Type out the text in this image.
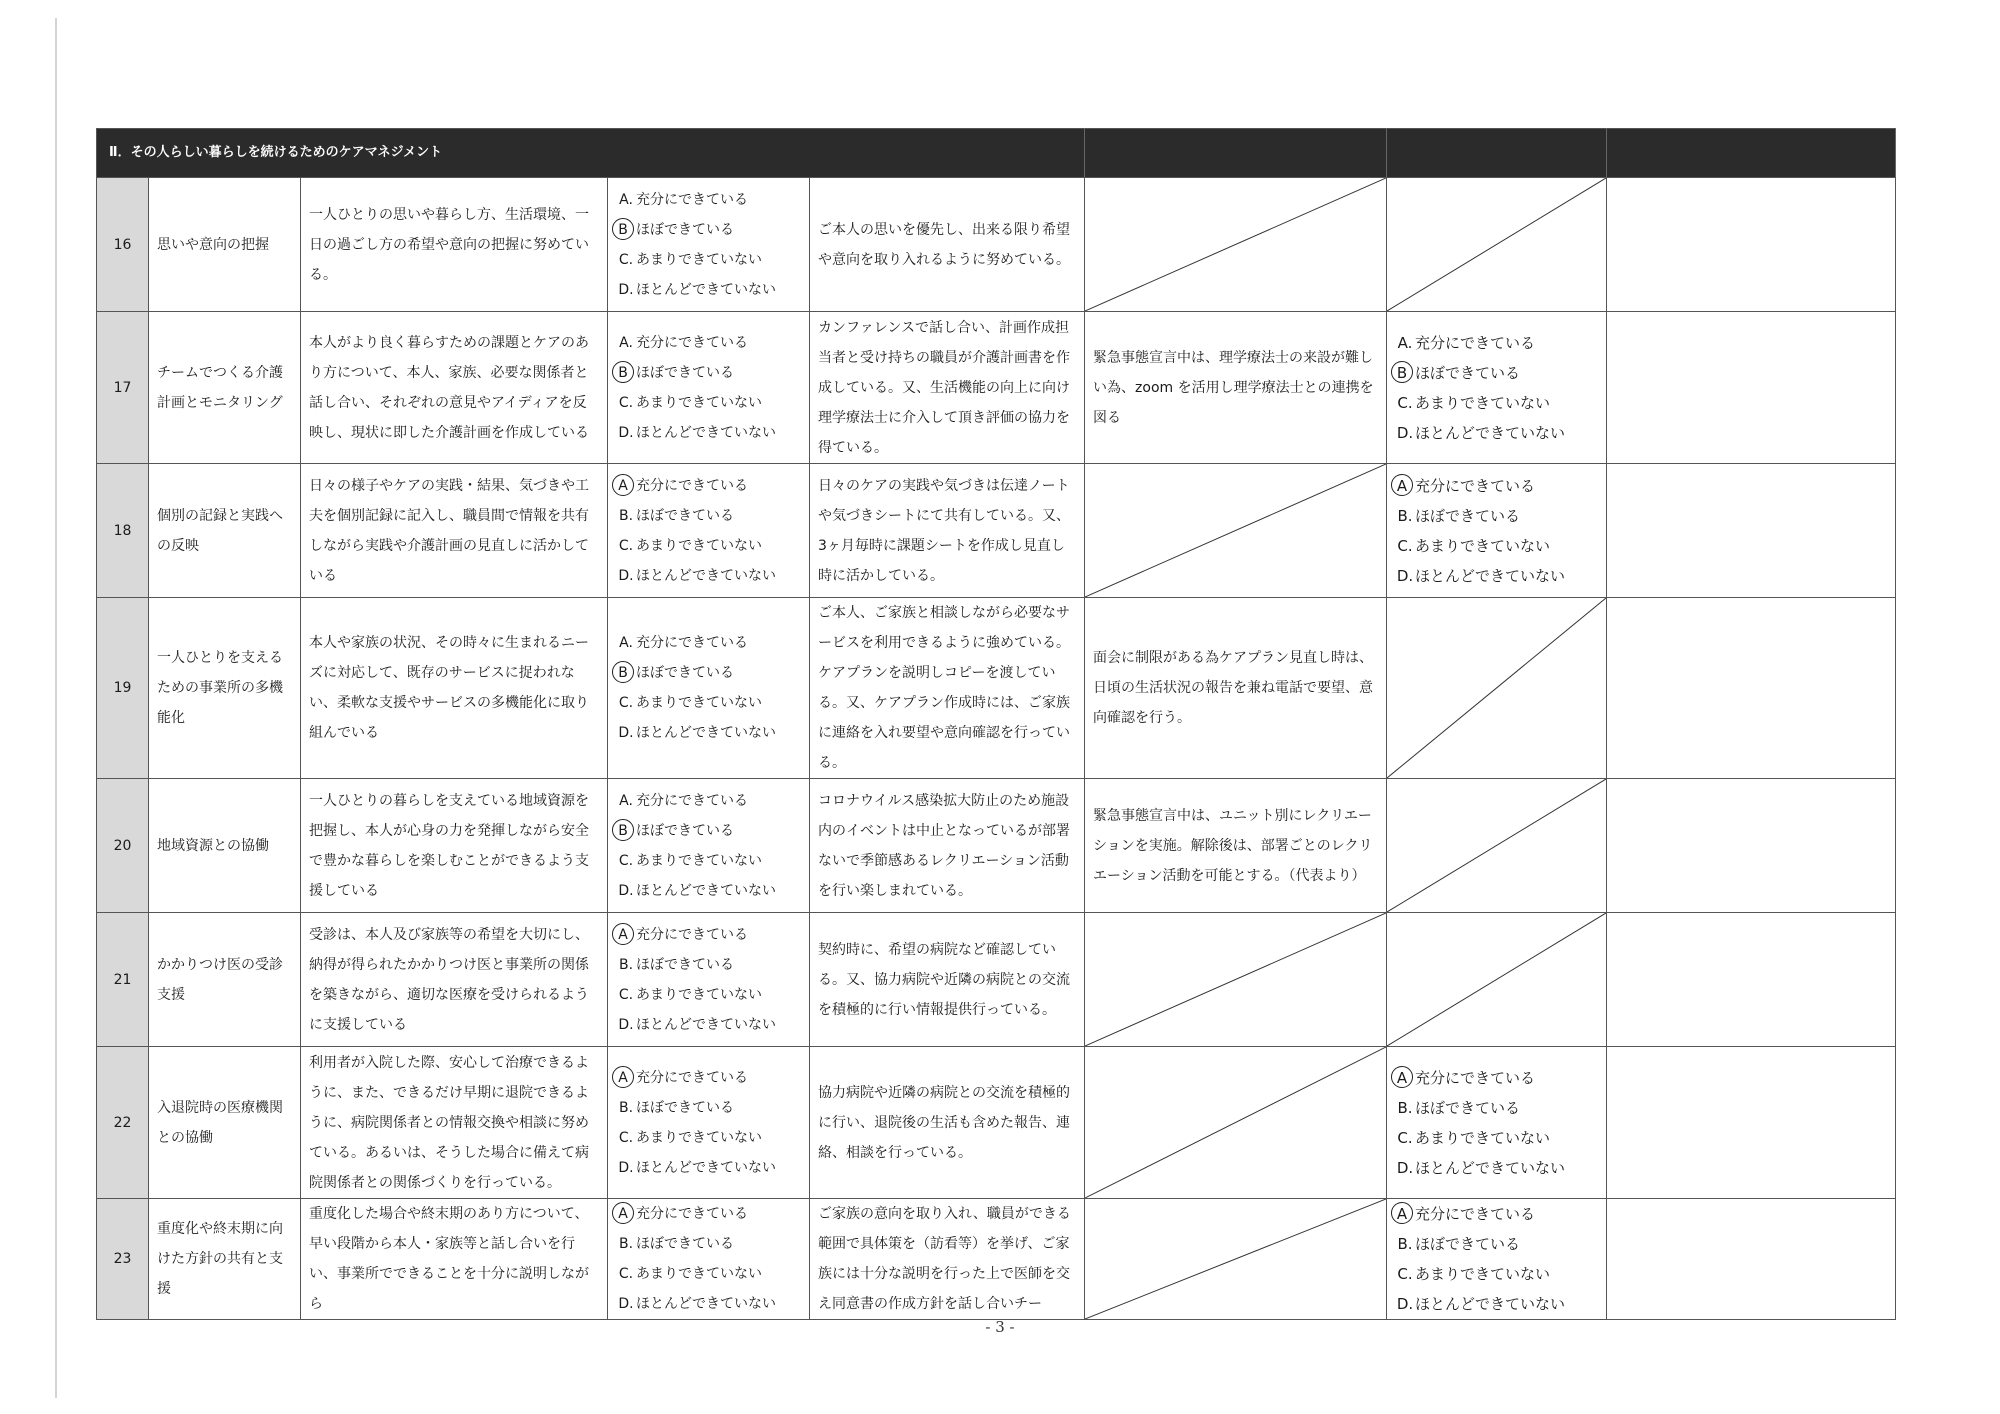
Ⅱ．その人らしい暮らしを続けるためのケアマネジメント							
16	思いや意向の把握	一人ひとりの思いや暮らし方、生活環境、一日の過ごし方の希望や意向の把握に努めている。	A. 充分にできている
B ほぼできている
C. あまりできていない
D. ほとんどできていない	ご本人の思いを優先し、出来る限り希望や意向を取り入れるように努めている。	

17	チームでつくる介護計画とモニタリング	本人がより良く暮らすための課題とケアのあり方について、本人、家族、必要な関係者と話し合い、それぞれの意見やアイディアを反映し、現状に即した介護計画を作成している	A. 充分にできている
B ほぼできている
C. あまりできていない
D. ほとんどできていない	カンファレンスで話し合い、計画作成担当者と受け持ちの職員が介護計画書を作成している。又、生活機能の向上に向け理学療法士に介入して頂き評価の協力を得ている。	緊急事態宣言中は、理学療法士の来設が難しい為、zoom を活用し理学療法士との連携を図る	A. 充分にできている
B ほぼできている
C. あまりできていない
D. ほとんどできていない	

18	個別の記録と実践への反映	日々の様子やケアの実践・結果、気づきや工夫を個別記録に記入し、職員間で情報を共有しながら実践や介護計画の見直しに活かしている	A 充分にできている
B. ほぼできている
C. あまりできていない
D. ほとんどできていない	日々のケアの実践や気づきは伝達ノートや気づきシートにて共有している。又、3ヶ月毎時に課題シートを作成し見直し時に活かしている。		A 充分にできている
B. ほぼできている
C. あまりできていない
D. ほとんどできていない	

19	一人ひとりを支えるための事業所の多機能化	本人や家族の状況、その時々に生まれるニーズに対応して、既存のサービスに捉われない、柔軟な支援やサービスの多機能化に取り組んでいる	A. 充分にできている
B ほぼできている
C. あまりできていない
D. ほとんどできていない	ご本人、ご家族と相談しながら必要なサービスを利用できるように強めている。ケアプランを説明しコピーを渡している。又、ケアプラン作成時には、ご家族に連絡を入れ要望や意向確認を行っている。	面会に制限がある為ケアプラン見直し時は、日頃の生活状況の報告を兼ね電話で要望、意向確認を行う。	

20	地域資源との協働	一人ひとりの暮らしを支えている地域資源を把握し、本人が心身の力を発揮しながら安全で豊かな暮らしを楽しむことができるよう支援している	A. 充分にできている
B ほぼできている
C. あまりできていない
D. ほとんどできていない	コロナウイルス感染拡大防止のため施設内のイベントは中止となっているが部署ないで季節感あるレクリエーション活動を行い楽しまれている。	緊急事態宣言中は、ユニット別にレクリエーションを実施。解除後は、部署ごとのレクリエーション活動を可能とする。（代表より）	

21	かかりつけ医の受診支援	受診は、本人及び家族等の希望を大切にし、納得が得られたかかりつけ医と事業所の関係を築きながら、適切な医療を受けられるように支援している	A 充分にできている
B. ほぼできている
C. あまりできていない
D. ほとんどできていない	契約時に、希望の病院など確認している。又、協力病院や近隣の病院との交流を積極的に行い情報提供行っている。	

22	入退院時の医療機関との協働	利用者が入院した際、安心して治療できるように、また、できるだけ早期に退院できるように、病院関係者との情報交換や相談に努めている。あるいは、そうした場合に備えて病院関係者との関係づくりを行っている。	A 充分にできている
B. ほぼできている
C. あまりできていない
D. ほとんどできていない	協力病院や近隣の病院との交流を積極的に行い、退院後の生活も含めた報告、連絡、相談を行っている。		A 充分にできている
B. ほぼできている
C. あまりできていない
D. ほとんどできていない	

23	重度化や終末期に向けた方針の共有と支援	重度化した場合や終末期のあり方について、早い段階から本人・家族等と話し合いを行い、事業所でできることを十分に説明しながら	A 充分にできている
B. ほぼできている
C. あまりできていない
D. ほとんどできていない	ご家族の意向を取り入れ、職員ができる範囲で具体策を（訪看等）を挙げ、ご家族には十分な説明を行った上で医師を交え同意書の作成方針を話し合いチー		A 充分にできている
B. ほぼできている
C. あまりできていない
D. ほとんどできていない	

- 3 -
